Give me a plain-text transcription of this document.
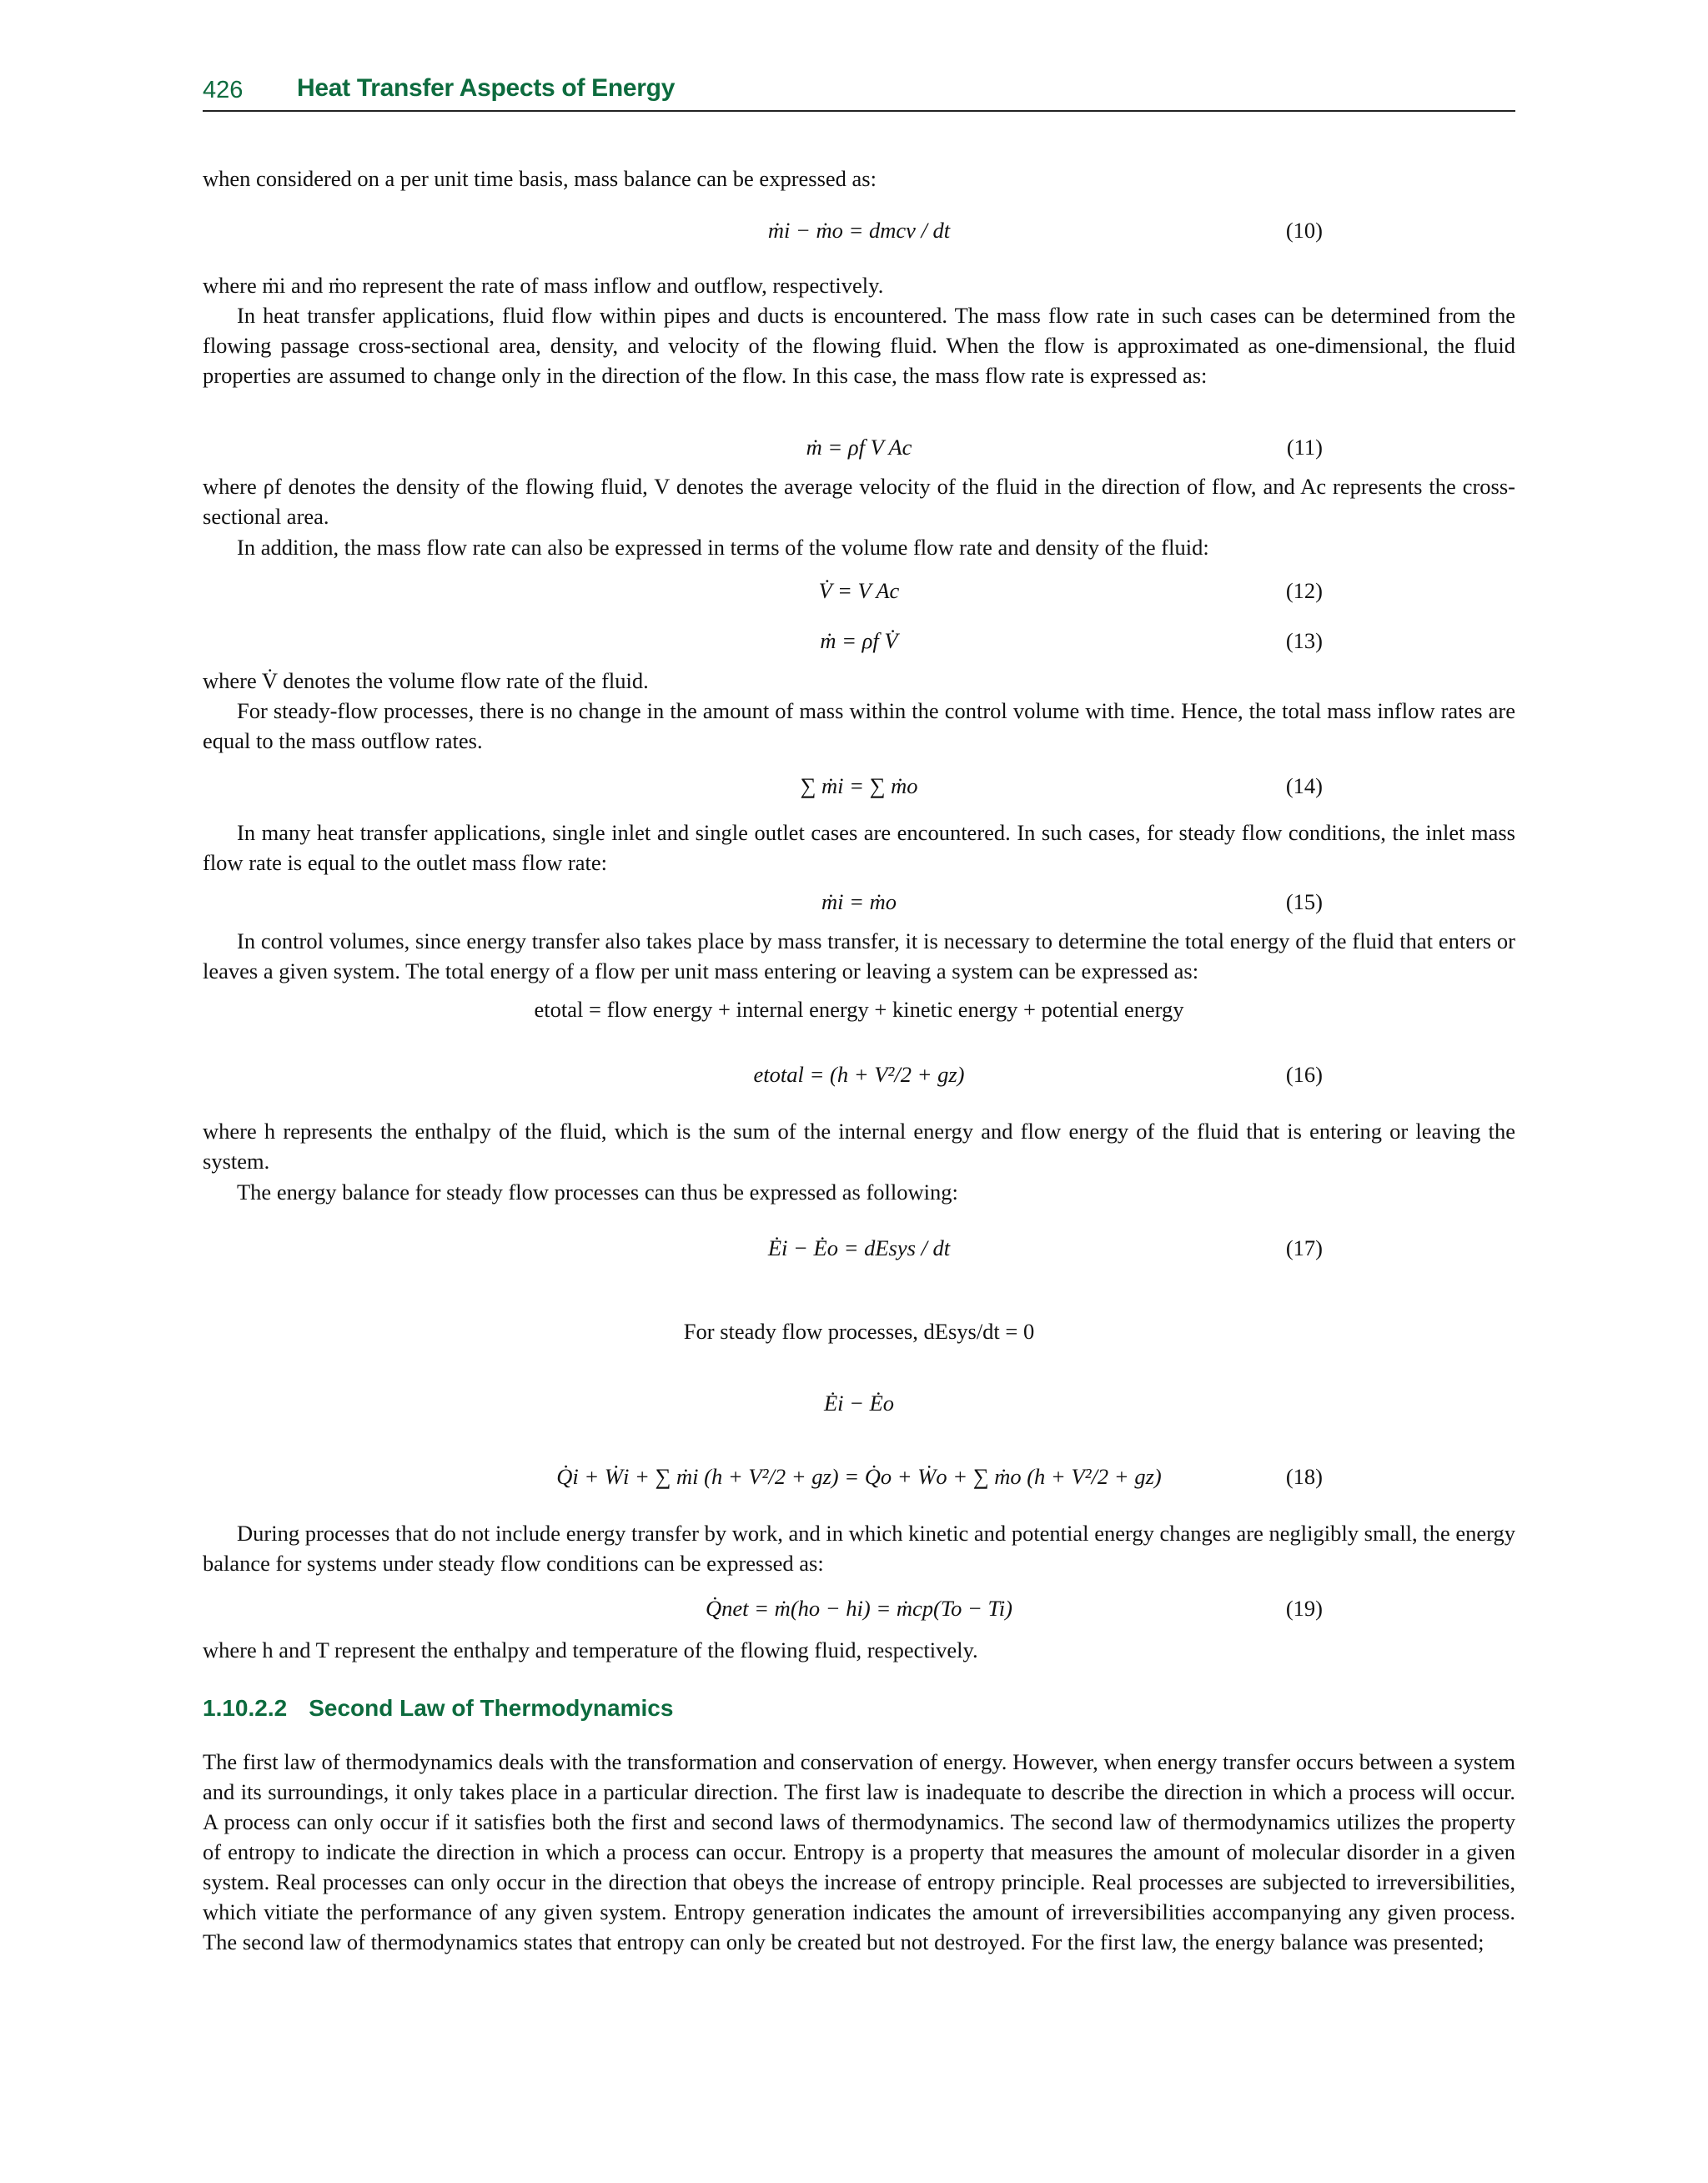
426 Heat Transfer Aspects of Energy

when considered on a per unit time basis, mass balance can be expressed as:

ṁi − ṁo = dmcv / dt	(10)

where ṁi and ṁo represent the rate of mass inflow and outflow, respectively.

In heat transfer applications, fluid flow within pipes and ducts is encountered. The mass flow rate in such cases can be determined from the flowing passage cross-sectional area, density, and velocity of the flowing fluid. When the flow is approximated as one-dimensional, the fluid properties are assumed to change only in the direction of the flow. In this case, the mass flow rate is expressed as:

ṁ = ρf V Ac	(11)

where ρf denotes the density of the flowing fluid, V denotes the average velocity of the fluid in the direction of flow, and Ac represents the cross-sectional area.

In addition, the mass flow rate can also be expressed in terms of the volume flow rate and density of the fluid:

V̇ = V Ac	(12)
ṁ = ρf V̇	(13)

where V̇ denotes the volume flow rate of the fluid.

For steady-flow processes, there is no change in the amount of mass within the control volume with time. Hence, the total mass inflow rates are equal to the mass outflow rates.

∑ ṁi = ∑ ṁo	(14)

In many heat transfer applications, single inlet and single outlet cases are encountered. In such cases, for steady flow conditions, the inlet mass flow rate is equal to the outlet mass flow rate:

ṁi = ṁo	(15)

In control volumes, since energy transfer also takes place by mass transfer, it is necessary to determine the total energy of the fluid that enters or leaves a given system. The total energy of a flow per unit mass entering or leaving a system can be expressed as:

etotal = flow energy + internal energy + kinetic energy + potential energy
etotal = (h + V²/2 + gz)	(16)

where h represents the enthalpy of the fluid, which is the sum of the internal energy and flow energy of the fluid that is entering or leaving the system.

The energy balance for steady flow processes can thus be expressed as following:

Ėi − Ėo = dEsys / dt	(17)
For steady flow processes, dEsys/dt = 0
Ėi − Ėo
Q̇i + Ẇi + ∑ ṁi (h + V²/2 + gz) = Q̇o + Ẇo + ∑ ṁo (h + V²/2 + gz)	(18)

During processes that do not include energy transfer by work, and in which kinetic and potential energy changes are negligibly small, the energy balance for systems under steady flow conditions can be expressed as:

Q̇net = ṁ(ho − hi) = ṁcp(To − Ti)	(19)

where h and T represent the enthalpy and temperature of the flowing fluid, respectively.

1.10.2.2 Second Law of Thermodynamics

The first law of thermodynamics deals with the transformation and conservation of energy. However, when energy transfer occurs between a system and its surroundings, it only takes place in a particular direction. The first law is inadequate to describe the direction in which a process will occur. A process can only occur if it satisfies both the first and second laws of thermodynamics. The second law of thermodynamics utilizes the property of entropy to indicate the direction in which a process can occur. Entropy is a property that measures the amount of molecular disorder in a given system. Real processes can only occur in the direction that obeys the increase of entropy principle. Real processes are subjected to irreversibilities, which vitiate the performance of any given system. Entropy generation indicates the amount of irreversibilities accompanying any given process. The second law of thermodynamics states that entropy can only be created but not destroyed. For the first law, the energy balance was presented;
